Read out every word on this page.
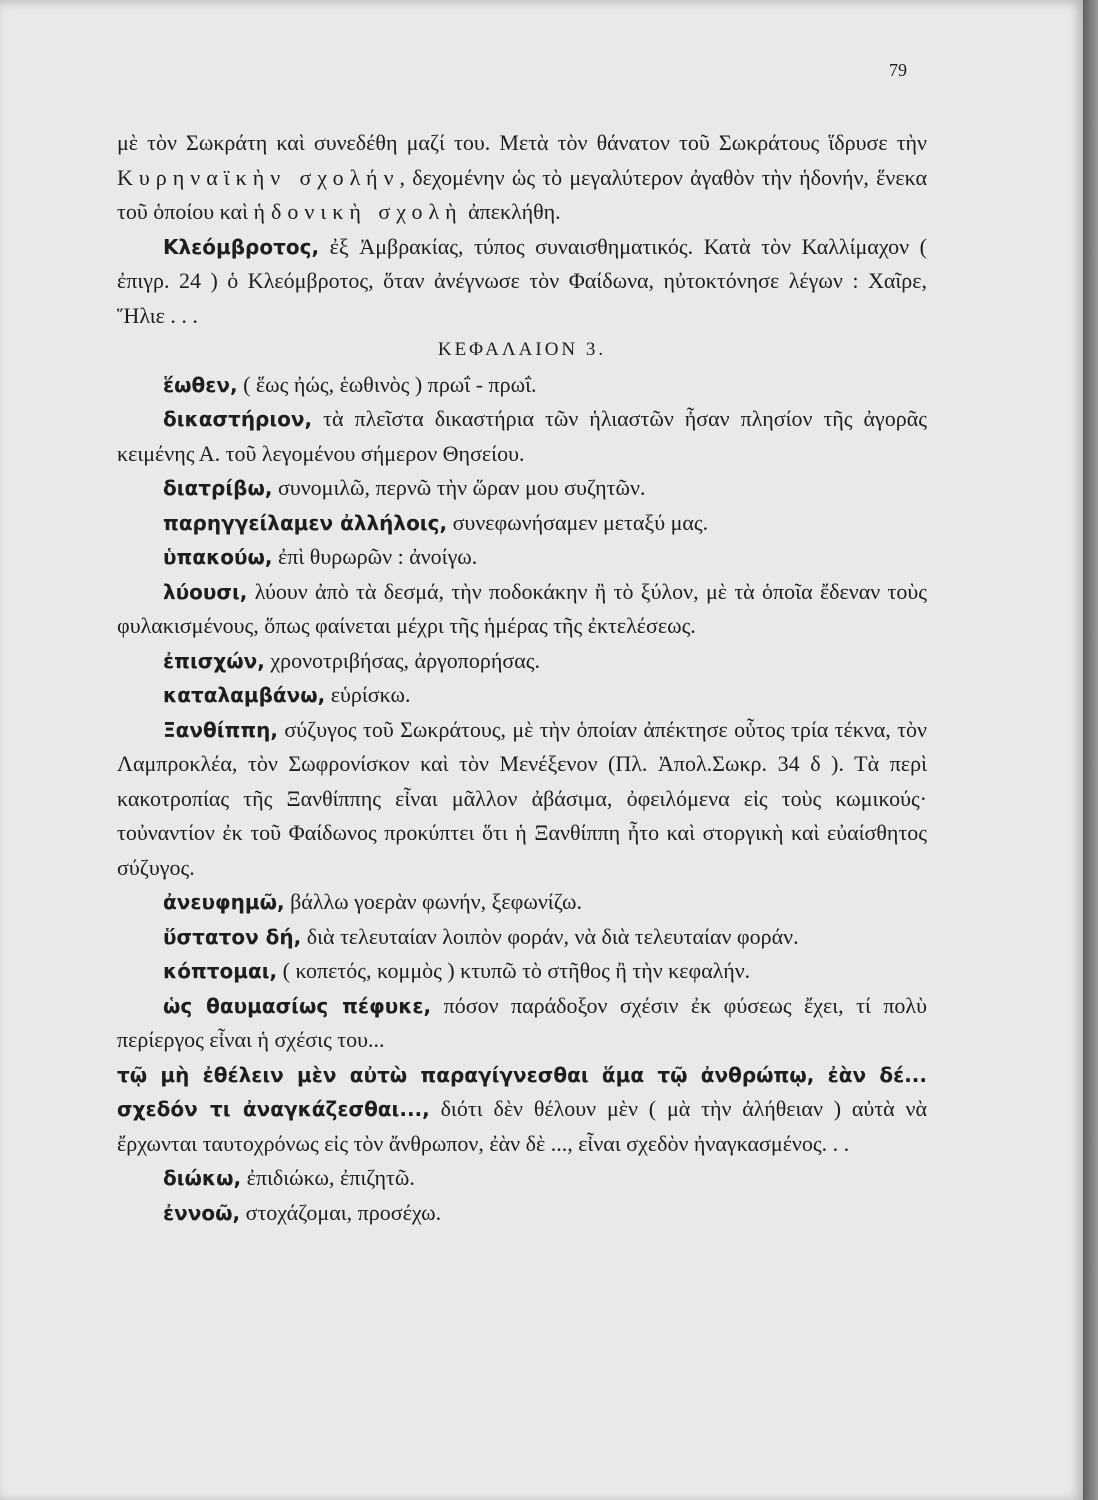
79

μὲ τὸν Σωκράτη καὶ συνεδέθη μαζί του. Μετὰ τὸν θάνατον τοῦ Σωκράτους ἵδρυσε τὴν Κυρηναϊκὴν σχολήν, δεχομένην ὡς τὸ μεγαλύτερον ἀγαθὸν τὴν ἡδονήν, ἕνεκα τοῦ ὁποίου καὶ ἡδονικὴ σχολὴ ἀπεκλήθη.

Κλεόμβροτος, ἐξ Ἀμβρακίας, τύπος συναισθηματικός. Κατὰ τὸν Καλλίμαχον ( ἐπιγρ. 24 ) ὁ Κλεόμβροτος, ὅταν ἀνέγνωσε τὸν Φαίδωνα, ηὐτοκτόνησε λέγων : Χαῖρε, Ἥλιε . . .

ΚΕΦΑΛΑΙΟΝ 3.

ἕωθεν, ( ἕως ἠώς, ἑωθινὸς ) πρωΐ - πρωΐ.

δικαστήριον, τὰ πλεῖστα δικαστήρια τῶν ἡλιαστῶν ἦσαν πλησίον τῆς ἀγορᾶς κειμένης Α. τοῦ λεγομένου σήμερον Θησείου.

διατρίβω, συνομιλῶ, περνῶ τὴν ὥραν μου συζητῶν.

παρηγγείλαμεν ἀλλήλοις, συνεφωνήσαμεν μεταξύ μας.

ὑπακούω, ἐπὶ θυρωρῶν : ἀνοίγω.

λύουσι, λύουν ἀπὸ τὰ δεσμά, τὴν ποδοκάκην ἢ τὸ ξύλον, μὲ τὰ ὁποῖα ἔδεναν τοὺς φυλακισμένους, ὅπως φαίνεται μέχρι τῆς ἡμέρας τῆς ἐκτελέσεως.

ἐπισχών, χρονοτριβήσας, ἀργοπορήσας.

καταλαμβάνω, εὑρίσκω.

Ξανθίππη, σύζυγος τοῦ Σωκράτους, μὲ τὴν ὁποίαν ἀπέκτησε οὗτος τρία τέκνα, τὸν Λαμπροκλέα, τὸν Σωφρονίσκον καὶ τὸν Μενέξενον (Πλ. Ἀπολ.Σωκρ. 34 δ ). Τὰ περὶ κακοτροπίας τῆς Ξανθίππης εἶναι μᾶλλον ἀβάσιμα, ὀφειλόμενα εἰς τοὺς κωμικούς· τοὐναντίον ἐκ τοῦ Φαίδωνος προκύπτει ὅτι ἡ Ξανθίππη ἦτο καὶ στοργικὴ καὶ εὐαίσθητος σύζυγος.

ἀνευφημῶ, βάλλω γοερὰν φωνήν, ξεφωνίζω.

ὕστατον δή, διὰ τελευταίαν λοιπὸν φοράν, νὰ διὰ τελευταίαν φοράν.

κόπτομαι, ( κοπετός, κομμὸς ) κτυπῶ τὸ στῆθος ἢ τὴν κεφαλήν.

ὡς θαυμασίως πέφυκε, πόσον παράδοξον σχέσιν ἐκ φύσεως ἔχει, τί πολὺ περίεργος εἶναι ἡ σχέσις του...

τῷ μὴ ἐθέλειν μὲν αὐτὼ παραγίγνεσθαι ἅμα τῷ ἀνθρώπῳ, ἐὰν δέ... σχεδόν τι ἀναγκάζεσθαι..., διότι δὲν θέλουν μὲν ( μὰ τὴν ἀλήθειαν ) αὐτὰ νὰ ἔρχωνται ταυτοχρόνως εἰς τὸν ἄνθρωπον, ἐὰν δὲ ..., εἶναι σχεδὸν ἠναγκασμένος. . .

διώκω, ἐπιδιώκω, ἐπιζητῶ.

ἐννοῶ, στοχάζομαι, προσέχω.
